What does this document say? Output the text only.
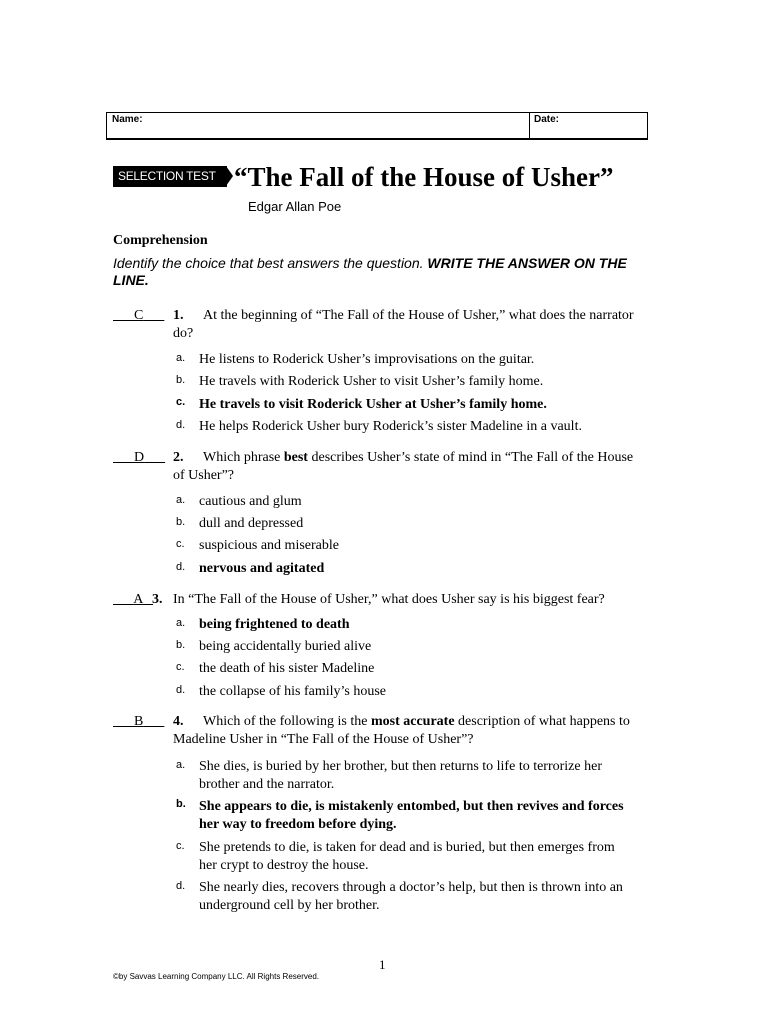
Name:	Date:
SELECTION TEST “The Fall of the House of Usher”
Edgar Allan Poe
Comprehension
Identify the choice that best answers the question. WRITE THE ANSWER ON THE LINE.
C	1.	At the beginning of “The Fall of the House of Usher,” what does the narrator do?
a. He listens to Roderick Usher’s improvisations on the guitar.
b. He travels with Roderick Usher to visit Usher’s family home.
c. He travels to visit Roderick Usher at Usher’s family home.
d. He helps Roderick Usher bury Roderick’s sister Madeline in a vault.
D	2.	Which phrase best describes Usher’s state of mind in “The Fall of the House of Usher”?
a. cautious and glum
b. dull and depressed
c. suspicious and miserable
d. nervous and agitated
A 3. In “The Fall of the House of Usher,” what does Usher say is his biggest fear?
a. being frightened to death
b. being accidentally buried alive
c. the death of his sister Madeline
d. the collapse of his family’s house
B	4.	Which of the following is the most accurate description of what happens to Madeline Usher in “The Fall of the House of Usher”?
a. She dies, is buried by her brother, but then returns to life to terrorize her brother and the narrator.
b. She appears to die, is mistakenly entombed, but then revives and forces her way to freedom before dying.
c. She pretends to die, is taken for dead and is buried, but then emerges from her crypt to destroy the house.
d. She nearly dies, recovers through a doctor’s help, but then is thrown into an underground cell by her brother.
1
©by Savvas Learning Company LLC. All Rights Reserved.
